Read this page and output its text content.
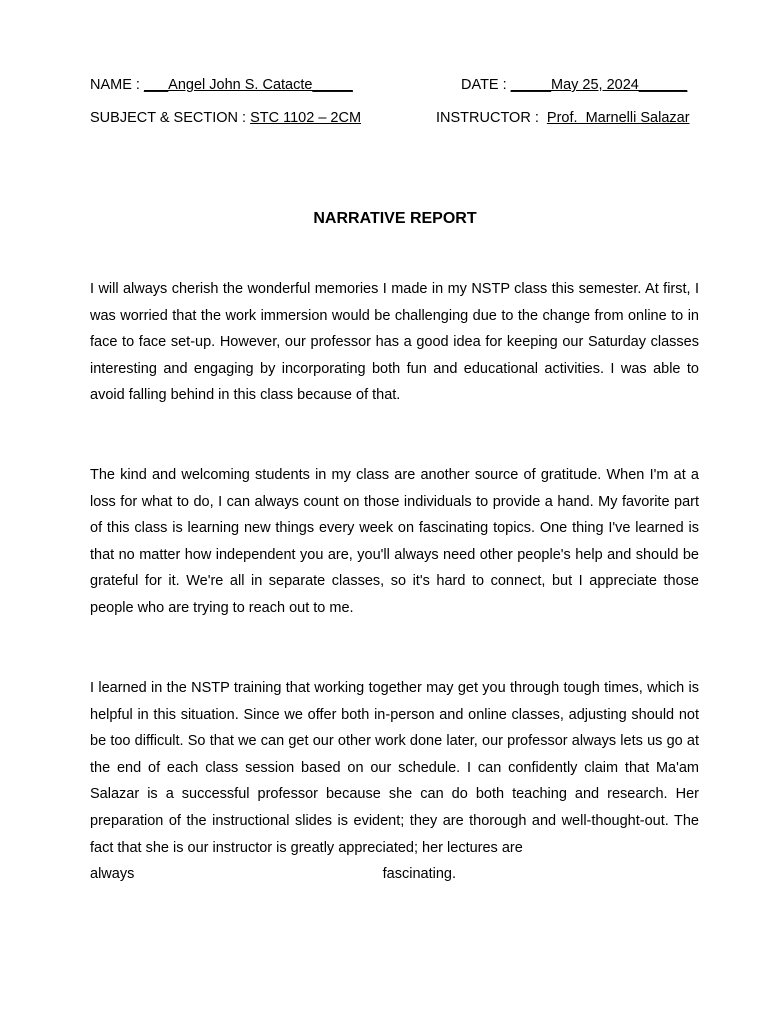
NAME : ___Angel John S. Catacte_____	DATE : _____May 25, 2024______
SUBJECT & SECTION : STC 1102 – 2CM	INSTRUCTOR :  Prof.  Marnelli Salazar
NARRATIVE REPORT

I will always cherish the wonderful memories I made in my NSTP class this semester. At first, I was worried that the work immersion would be challenging due to the change from online to in face to face set-up. However, our professor has a good idea for keeping our Saturday classes interesting and engaging by incorporating both fun and educational activities. I was able to avoid falling behind in this class because of that.

The kind and welcoming students in my class are another source of gratitude. When I'm at a loss for what to do, I can always count on those individuals to provide a hand. My favorite part of this class is learning new things every week on fascinating topics. One thing I've learned is that no matter how independent you are, you'll always need other people's help and should be grateful for it. We're all in separate classes, so it's hard to connect, but I appreciate those people who are trying to reach out to me.

I learned in the NSTP training that working together may get you through tough times, which is helpful in this situation. Since we offer both in-person and online classes, adjusting should not be too difficult. So that we can get our other work done later, our professor always lets us go at the end of each class session based on our schedule. I can confidently claim that Ma'am Salazar is a successful professor because she can do both teaching and research. Her preparation of the instructional slides is evident; they are thorough and well-thought-out. The fact that she is our instructor is greatly appreciated; her lectures are
always fascinating.
